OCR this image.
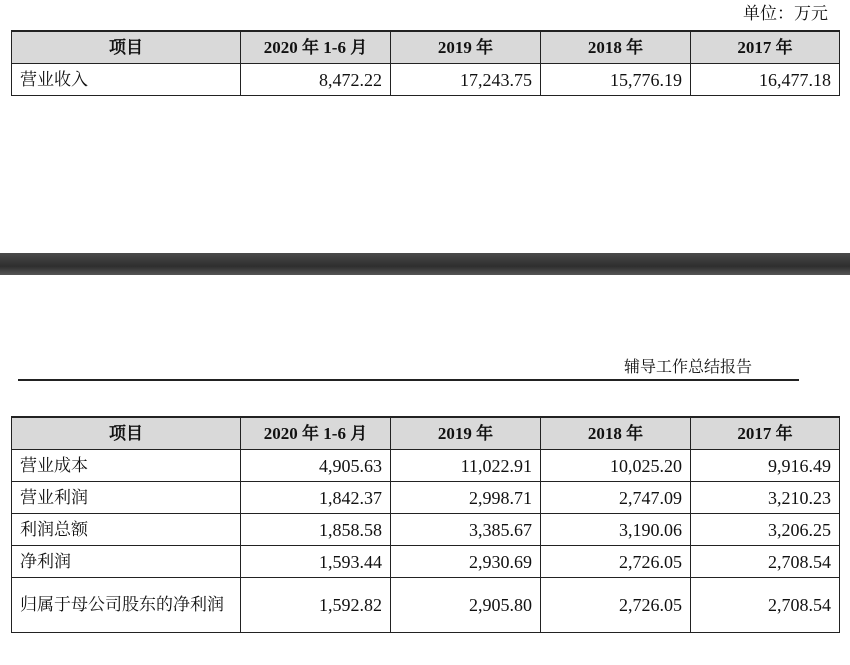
单位：万元
项目	2020 年 1-6 月	2019 年	2018 年	2017 年
营业收入	8,472.22	17,243.75	15,776.19	16,477.18
辅导工作总结报告
项目	2020 年 1-6 月	2019 年	2018 年	2017 年
营业成本	4,905.63	11,022.91	10,025.20	9,916.49
营业利润	1,842.37	2,998.71	2,747.09	3,210.23
利润总额	1,858.58	3,385.67	3,190.06	3,206.25
净利润	1,593.44	2,930.69	2,726.05	2,708.54
归属于母公司股东的净利润	1,592.82	2,905.80	2,726.05	2,708.54
